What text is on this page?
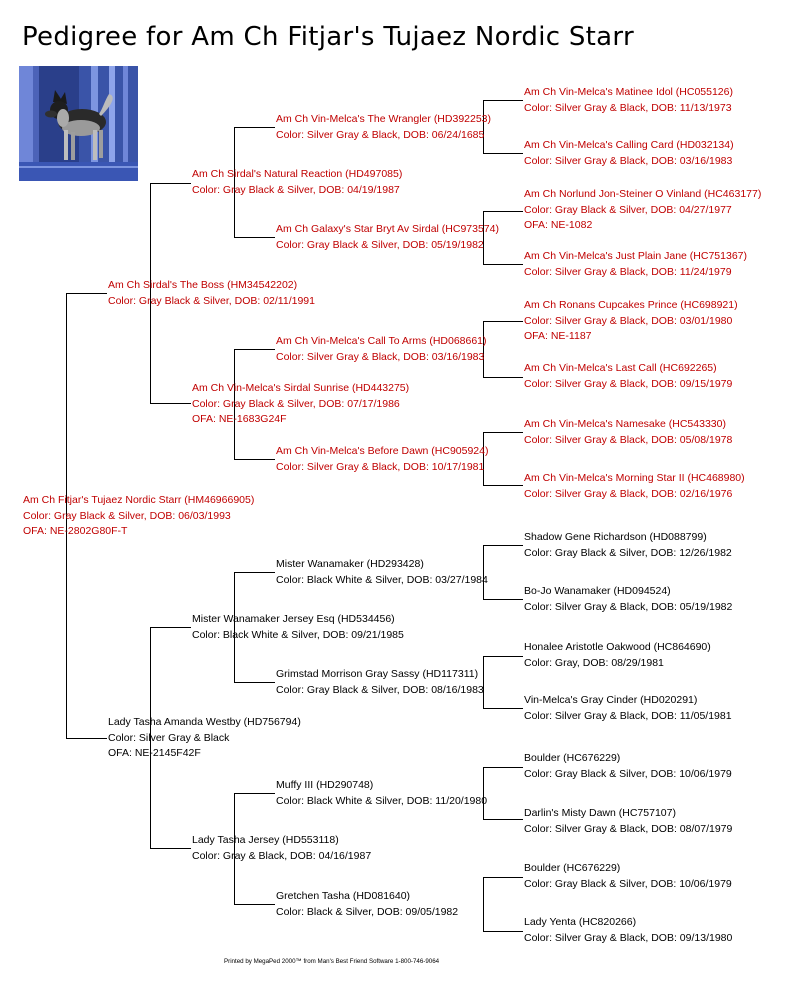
Pedigree for Am Ch Fitjar's Tujaez Nordic Starr
Am Ch Fitjar's Tujaez Nordic Starr (HM46966905)
Color: Gray Black & Silver, DOB: 06/03/1993
OFA: NE-2802G80F-T
Am Ch Sirdal's The Boss (HM34542202)
Color: Gray Black & Silver, DOB: 02/11/1991
Am Ch Sirdal's Natural Reaction (HD497085)
Color: Gray Black & Silver, DOB: 04/19/1987
Am Ch Vin-Melca's The Wrangler (HD392253)
Color: Silver Gray & Black, DOB: 06/24/1685
Am Ch Vin-Melca's Matinee Idol (HC055126)
Color: Silver Gray & Black, DOB: 11/13/1973
Am Ch Vin-Melca's Calling Card (HD032134)
Color: Silver Gray & Black, DOB: 03/16/1983
Am Ch Galaxy's Star Bryt Av Sirdal (HC973574)
Color: Gray Black & Silver, DOB: 05/19/1982
Am Ch Norlund Jon-Steiner O Vinland (HC463177)
Color: Gray Black & Silver, DOB: 04/27/1977
OFA: NE-1082
Am Ch Vin-Melca's Just Plain Jane (HC751367)
Color: Silver Gray & Black, DOB: 11/24/1979
Am Ch Vin-Melca's Sirdal Sunrise (HD443275)
Color: Gray Black & Silver, DOB: 07/17/1986
OFA: NE-1683G24F
Am Ch Vin-Melca's Call To Arms (HD068661)
Color: Silver Gray & Black, DOB: 03/16/1983
Am Ch Ronans Cupcakes Prince (HC698921)
Color: Silver Gray & Black, DOB: 03/01/1980
OFA: NE-1187
Am Ch Vin-Melca's Last Call (HC692265)
Color: Silver Gray & Black, DOB: 09/15/1979
Am Ch Vin-Melca's Before Dawn (HC905924)
Color: Silver Gray & Black, DOB: 10/17/1981
Am Ch Vin-Melca's Namesake (HC543330)
Color: Silver Gray & Black, DOB: 05/08/1978
Am Ch Vin-Melca's Morning Star II (HC468980)
Color: Silver Gray & Black, DOB: 02/16/1976
Lady Tasha Amanda Westby (HD756794)
Color: Silver Gray & Black
OFA: NE-2145F42F
Mister Wanamaker Jersey Esq (HD534456)
Color: Black White & Silver, DOB: 09/21/1985
Mister Wanamaker (HD293428)
Color: Black White & Silver, DOB: 03/27/1984
Shadow Gene Richardson (HD088799)
Color: Gray Black & Silver, DOB: 12/26/1982
Bo-Jo Wanamaker (HD094524)
Color: Silver Gray & Black, DOB: 05/19/1982
Grimstad Morrison Gray Sassy (HD117311)
Color: Gray Black & Silver, DOB: 08/16/1983
Honalee Aristotle Oakwood (HC864690)
Color: Gray, DOB: 08/29/1981
Vin-Melca's Gray Cinder (HD020291)
Color: Silver Gray & Black, DOB: 11/05/1981
Lady Tasha Jersey (HD553118)
Color: Gray & Black, DOB: 04/16/1987
Muffy III (HD290748)
Color: Black White & Silver, DOB: 11/20/1980
Boulder (HC676229)
Color: Gray Black & Silver, DOB: 10/06/1979
Darlin's Misty Dawn (HC757107)
Color: Silver Gray & Black, DOB: 08/07/1979
Gretchen Tasha (HD081640)
Color: Black & Silver, DOB: 09/05/1982
Boulder (HC676229)
Color: Gray Black & Silver, DOB: 10/06/1979
Lady Yenta (HC820266)
Color: Silver Gray & Black, DOB: 09/13/1980
Printed by MegaPed 2000™ from Man's Best Friend Software 1-800-746-9064
